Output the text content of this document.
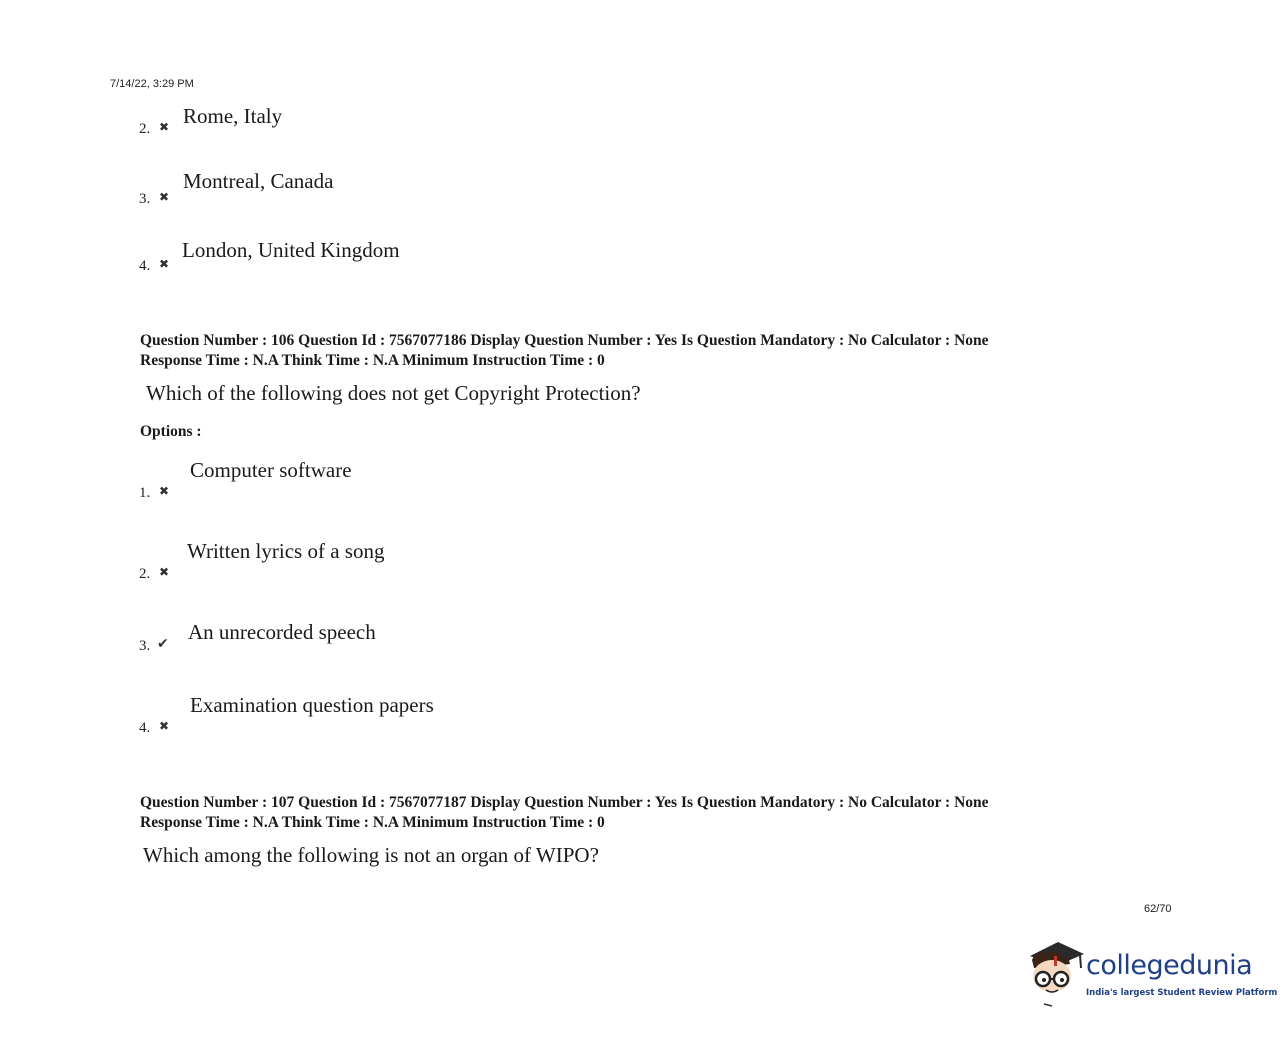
7/14/22, 3:29 PM
2. ✖ Rome, Italy
3. ✖
Montreal, Canada
4. ✖
London, United Kingdom
Question Number : 106 Question Id : 7567077186 Display Question Number : Yes Is Question Mandatory : No Calculator : None
Response Time : N.A Think Time : N.A Minimum Instruction Time : 0
Which of the following does not get Copyright Protection?
Options :
1. ✖
Computer software
2. ✖
Written lyrics of a song
3. ✔ An unrecorded speech
4. ✖
Examination question papers
Question Number : 107 Question Id : 7567077187 Display Question Number : Yes Is Question Mandatory : No Calculator : None
Response Time : N.A Think Time : N.A Minimum Instruction Time : 0
Which among the following is not an organ of WIPO?
62/70
collegedunia
India's largest Student Review Platform
